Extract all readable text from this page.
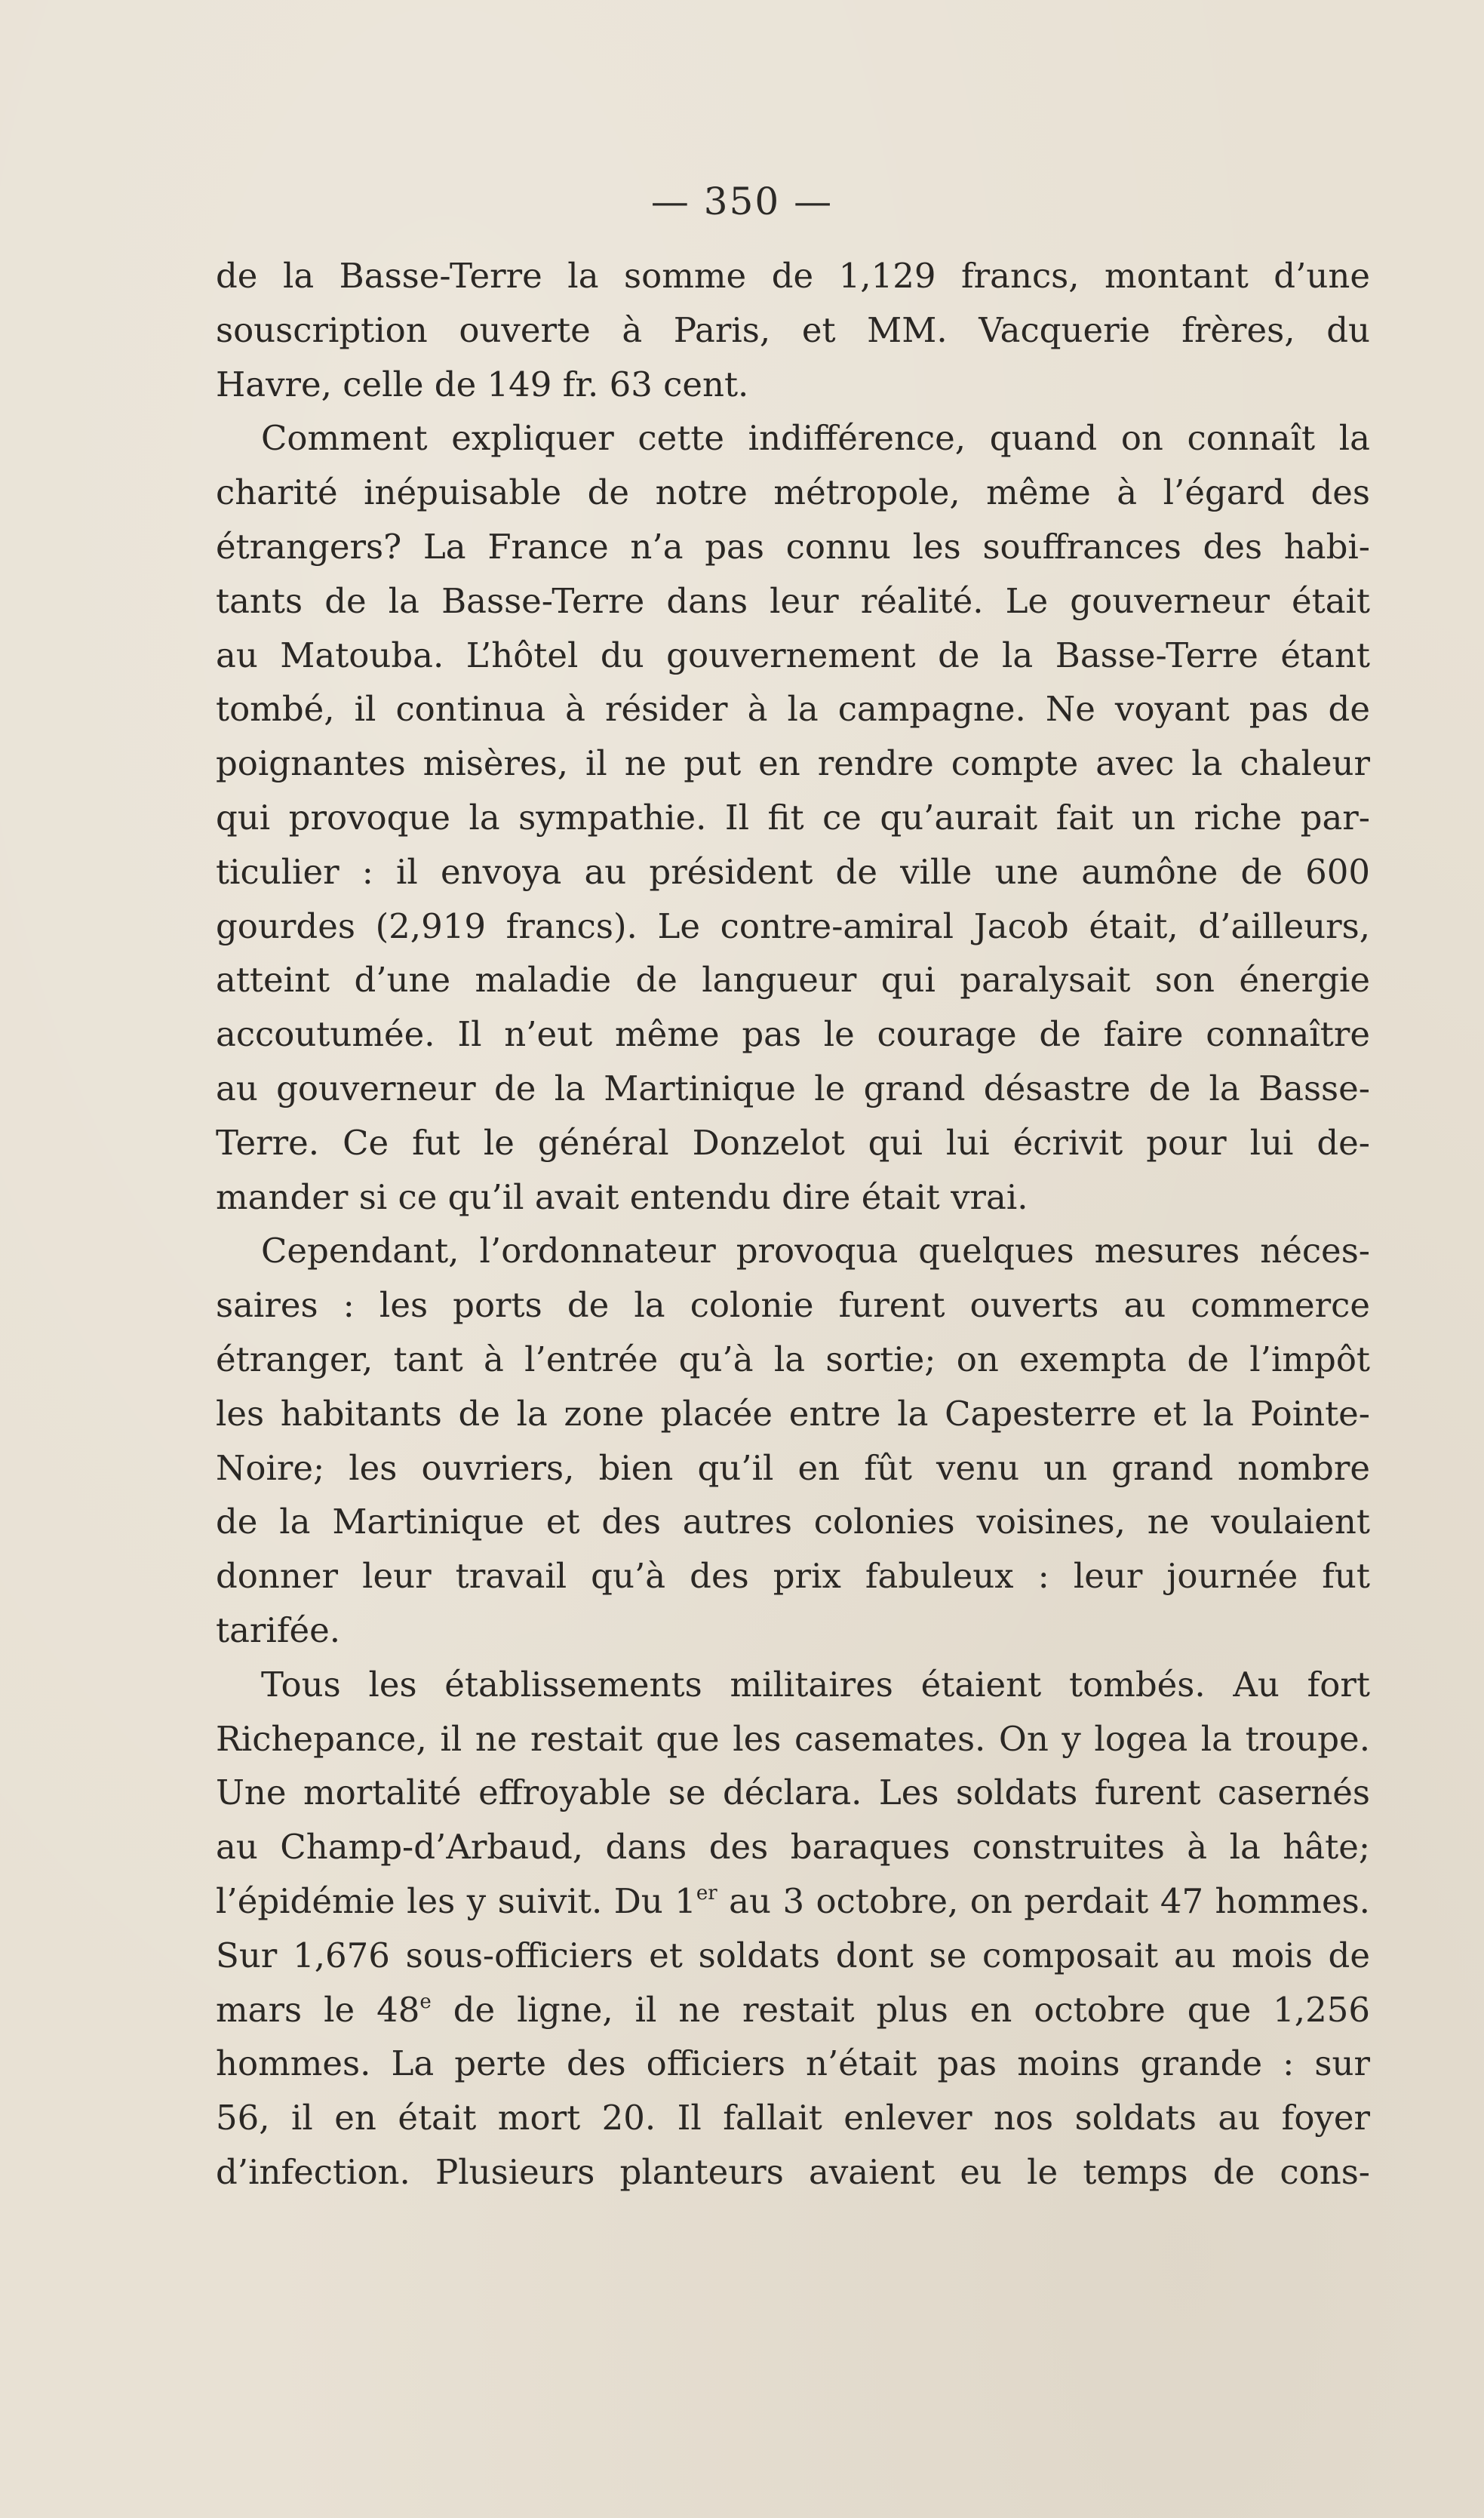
— 350 —
de la Basse-Terre la somme de 1,129 francs, montant d’une
souscription ouverte à Paris, et MM. Vacquerie frères, du
Havre, celle de 149 fr. 63 cent.
Comment expliquer cette indifférence, quand on connaît la
charité inépuisable de notre métropole, même à l’égard des
étrangers? La France n’a pas connu les souffrances des habi-
tants de la Basse-Terre dans leur réalité. Le gouverneur était
au Matouba. L’hôtel du gouvernement de la Basse-Terre étant
tombé, il continua à résider à la campagne. Ne voyant pas de
poignantes misères, il ne put en rendre compte avec la chaleur
qui provoque la sympathie. Il fit ce qu’aurait fait un riche par-
ticulier : il envoya au président de ville une aumône de 600
gourdes (2,919 francs). Le contre-amiral Jacob était, d’ailleurs,
atteint d’une maladie de langueur qui paralysait son énergie
accoutumée. Il n’eut même pas le courage de faire connaître
au gouverneur de la Martinique le grand désastre de la Basse-
Terre. Ce fut le général Donzelot qui lui écrivit pour lui de-
mander si ce qu’il avait entendu dire était vrai.
Cependant, l’ordonnateur provoqua quelques mesures néces-
saires : les ports de la colonie furent ouverts au commerce
étranger, tant à l’entrée qu’à la sortie; on exempta de l’impôt
les habitants de la zone placée entre la Capesterre et la Pointe-
Noire; les ouvriers, bien qu’il en fût venu un grand nombre
de la Martinique et des autres colonies voisines, ne voulaient
donner leur travail qu’à des prix fabuleux : leur journée fut
tarifée.
Tous les établissements militaires étaient tombés. Au fort
Richepance, il ne restait que les casemates. On y logea la troupe.
Une mortalité effroyable se déclara. Les soldats furent casernés
au Champ-d’Arbaud, dans des baraques construites à la hâte;
l’épidémie les y suivit. Du 1er au 3 octobre, on perdait 47 hommes.
Sur 1,676 sous-officiers et soldats dont se composait au mois de
mars le 48e de ligne, il ne restait plus en octobre que 1,256
hommes. La perte des officiers n’était pas moins grande : sur
56, il en était mort 20. Il fallait enlever nos soldats au foyer
d’infection. Plusieurs planteurs avaient eu le temps de cons-
